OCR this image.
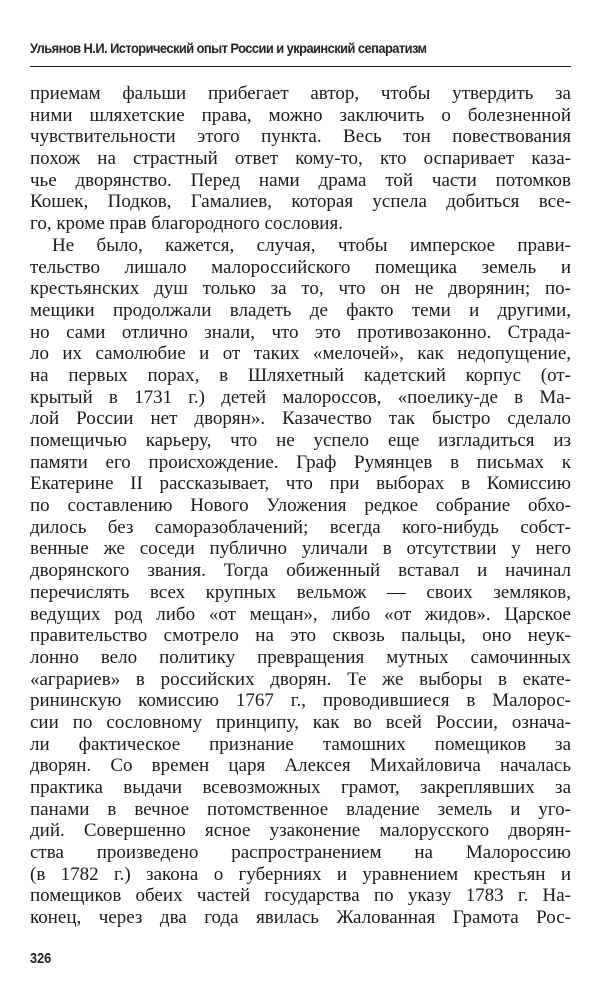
Ульянов Н.И. Исторический опыт России и украинский сепаратизм
приемам фальши прибегает автор, чтобы утвердить за
ними шляхетские права, можно заключить о болезненной
чувствительности этого пункта. Весь тон повествования
похож на страстный ответ кому-то, кто оспаривает каза-
чье дворянство. Перед нами драма той части потомков
Кошек, Подков, Гамалиев, которая успела добиться все-
го, кроме прав благородного сословия.
Не было, кажется, случая, чтобы имперское прави-
тельство лишало малороссийского помещика земель и
крестьянских душ только за то, что он не дворянин; по-
мещики продолжали владеть де факто теми и другими,
но сами отлично знали, что это противозаконно. Страда-
ло их самолюбие и от таких «мелочей», как недопущение,
на первых порах, в Шляхетный кадетский корпус (от-
крытый в 1731 г.) детей малороссов, «поелику-де в Ма-
лой России нет дворян». Казачество так быстро сделало
помещичью карьеру, что не успело еще изгладиться из
памяти его происхождение. Граф Румянцев в письмах к
Екатерине II рассказывает, что при выборах в Комиссию
по составлению Нового Уложения редкое собрание обхо-
дилось без саморазоблачений; всегда кого-нибудь собст-
венные же соседи публично уличали в отсутствии у него
дворянского звания. Тогда обиженный вставал и начинал
перечислять всех крупных вельмож — своих земляков,
ведущих род либо «от мещан», либо «от жидов». Царское
правительство смотрело на это сквозь пальцы, оно неук-
лонно вело политику превращения мутных самочинных
«аграриев» в российских дворян. Те же выборы в екате-
рининскую комиссию 1767 г., проводившиеся в Малорос-
сии по сословному принципу, как во всей России, означа-
ли фактическое признание тамошних помещиков за
дворян. Со времен царя Алексея Михайловича началась
практика выдачи всевозможных грамот, закреплявших за
панами в вечное потомственное владение земель и уго-
дий. Совершенно ясное узаконение малорусского дворян-
ства произведено распространением на Малороссию
(в 1782 г.) закона о губерниях и уравнением крестьян и
помещиков обеих частей государства по указу 1783 г. На-
конец, через два года явилась Жалованная Грамота Рос-
326
